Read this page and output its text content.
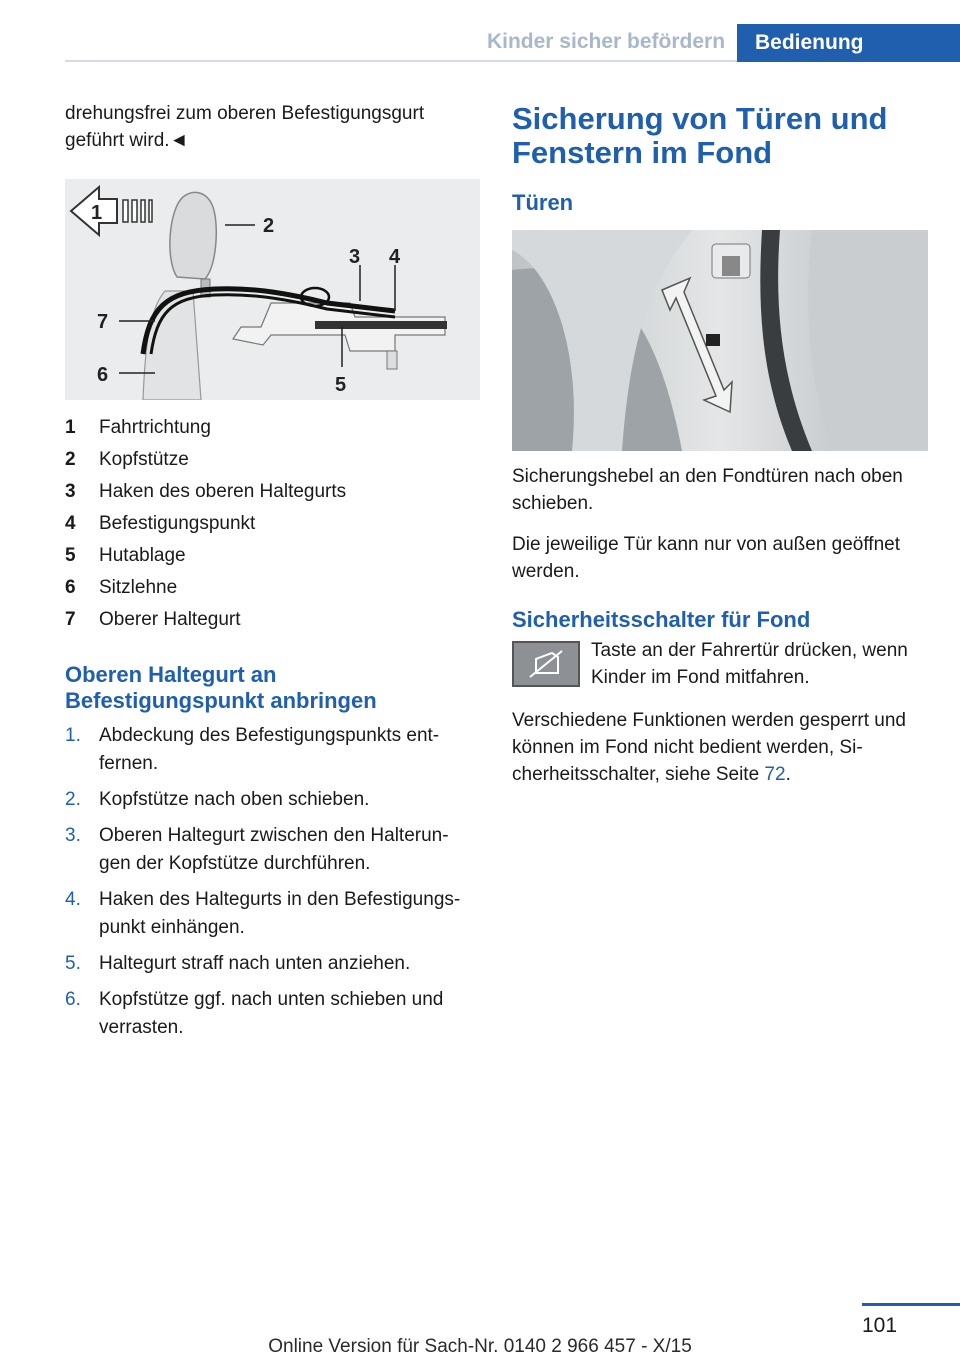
Kinder sicher befördern	Bedienung

drehungsfrei zum oberen Befestigungsgurt geführt wird.◄

1
2
3 4
5
6
7
1	Fahrtrichtung
2	Kopfstütze
3	Haken des oberen Haltegurts
4	Befestigungspunkt
5	Hutablage
6	Sitzlehne
7	Oberer Haltegurt
Oberen Haltegurt an Befestigungspunkt anbringen
1. Abdeckung des Befestigungspunkts ent‐fernen.
2. Kopfstütze nach oben schieben.
3. Oberen Haltegurt zwischen den Halterun‐gen der Kopfstütze durchführen.
4. Haken des Haltegurts in den Befestigungs‐punkt einhängen.
5. Haltegurt straff nach unten anziehen.
6. Kopfstütze ggf. nach unten schieben und verrasten.
Sicherung von Türen und Fenstern im Fond
Türen

Sicherungshebel an den Fondtüren nach oben schieben.

Die jeweilige Tür kann nur von außen geöffnet werden.

Sicherheitsschalter für Fond

Taste an der Fahrertür drücken, wenn Kinder im Fond mitfahren.

Verschiedene Funktionen werden gesperrt und können im Fond nicht bedient werden, Si‐cherheitsschalter, siehe Seite 72.

101
Online Version für Sach-Nr. 0140 2 966 457 - X/15
